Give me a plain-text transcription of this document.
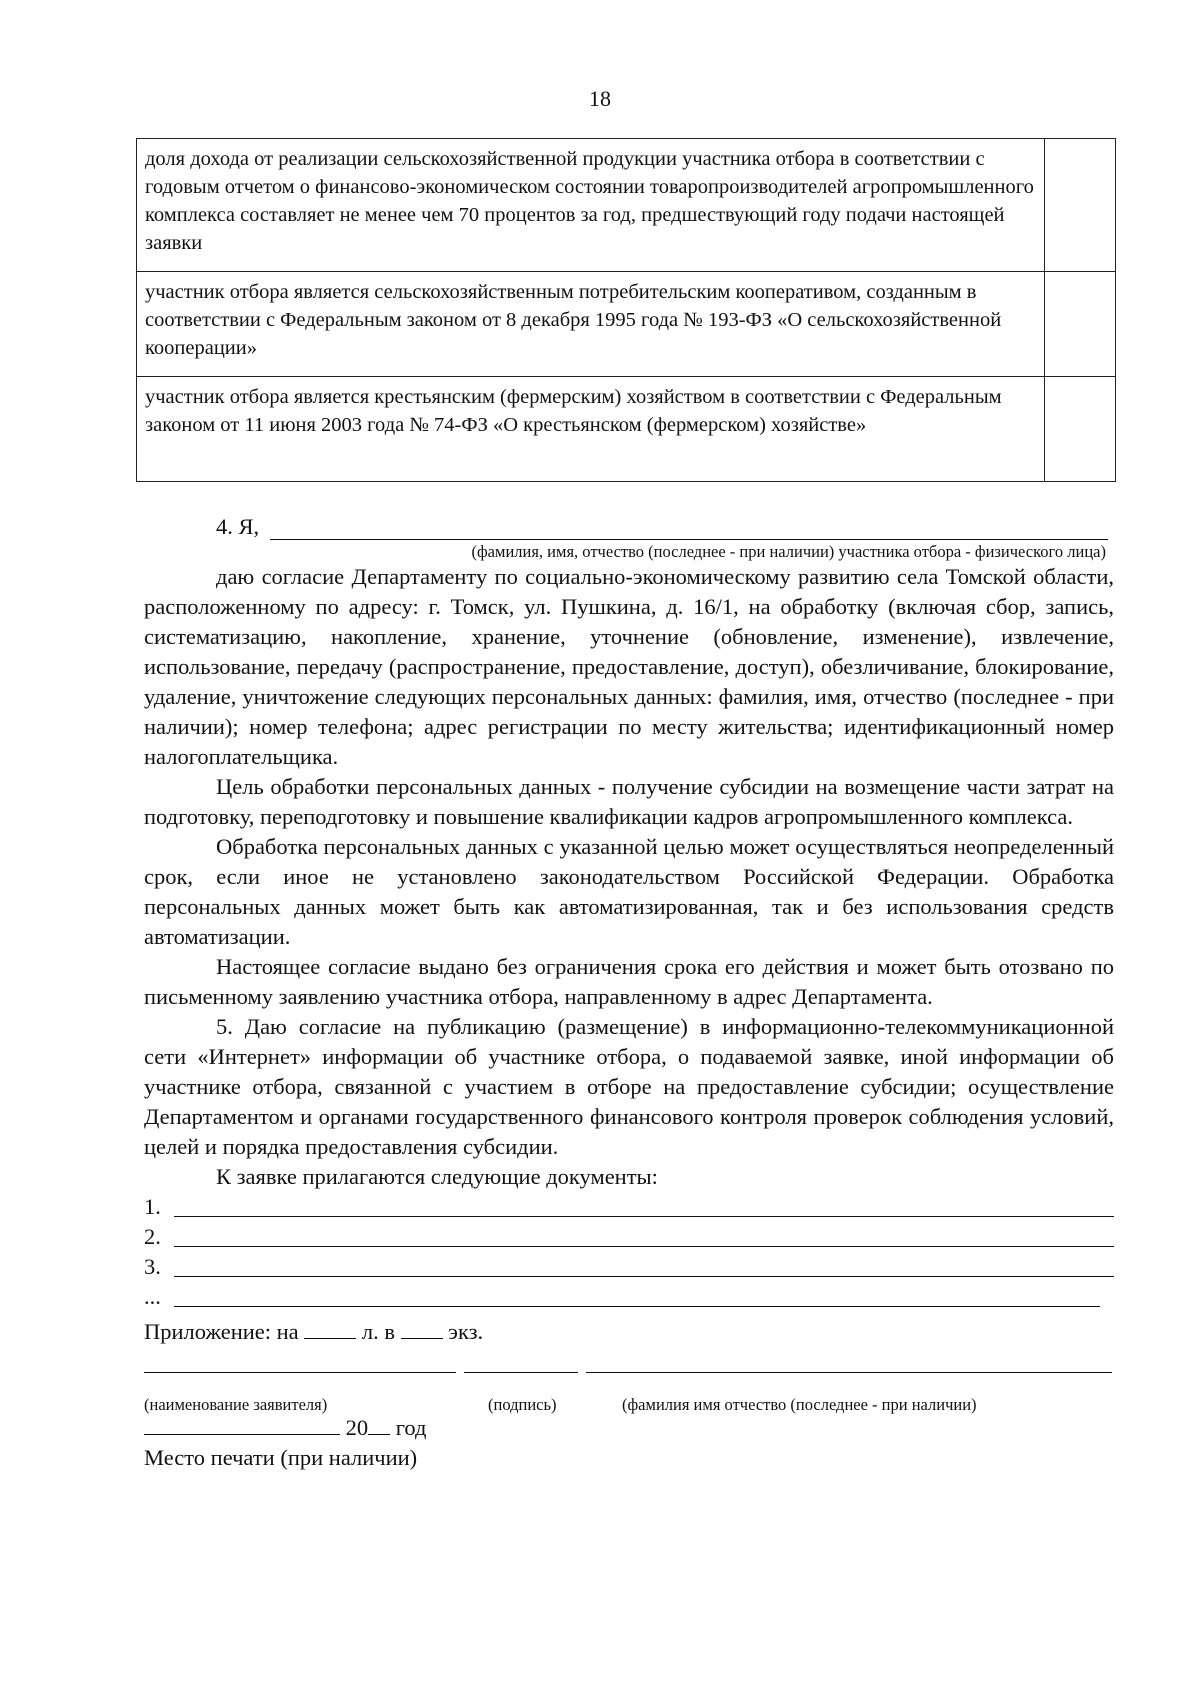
18
доля дохода от реализации сельскохозяйственной продукции участника отбора в соответствии с годовым отчетом о финансово-экономическом состоянии товаропроизводителей агропромышленного комплекса составляет не менее чем 70 процентов за год, предшествующий году подачи настоящей заявки	
участник отбора является сельскохозяйственным потребительским кооперативом, созданным в соответствии с Федеральным законом от 8 декабря 1995 года № 193-ФЗ «О сельскохозяйственной кооперации»	
участник отбора является крестьянским (фермерским) хозяйством в соответствии с Федеральным законом от 11 июня 2003 года № 74-ФЗ «О крестьянском (фермерском) хозяйстве»	
4. Я,
(фамилия, имя, отчество (последнее - при наличии) участника отбора - физического лица)

даю согласие Департаменту по социально-экономическому развитию села Томской области, расположенному по адресу: г. Томск, ул. Пушкина, д. 16/1, на обработку (включая сбор, запись, систематизацию, накопление, хранение, уточнение (обновление, изменение), извлечение, использование, передачу (распространение, предоставление, доступ), обезличивание, блокирование, удаление, уничтожение следующих персональных данных: фамилия, имя, отчество (последнее - при наличии); номер телефона; адрес регистрации по месту жительства; идентификационный номер налогоплательщика.

Цель обработки персональных данных - получение субсидии на возмещение части затрат на подготовку, переподготовку и повышение квалификации кадров агропромышленного комплекса.

Обработка персональных данных с указанной целью может осуществляться неопределенный срок, если иное не установлено законодательством Российской Федерации. Обработка персональных данных может быть как автоматизированная, так и без использования средств автоматизации.

Настоящее согласие выдано без ограничения срока его действия и может быть отозвано по письменному заявлению участника отбора, направленному в адрес Департамента.

5. Даю согласие на публикацию (размещение) в информационно-телекоммуникационной сети «Интернет» информации об участнике отбора, о подаваемой заявке, иной информации об участнике отбора, связанной с участием в отборе на предоставление субсидии; осуществление Департаментом и органами государственного финансового контроля проверок соблюдения условий, целей и порядка предоставления субсидии.

К заявке прилагаются следующие документы:

1.
2.
3.
...
Приложение: на	л. в экз.
(наименование заявителя)	(подпись)	(фамилия имя отчество (последнее - при наличии)
20 год
Место печати (при наличии)
